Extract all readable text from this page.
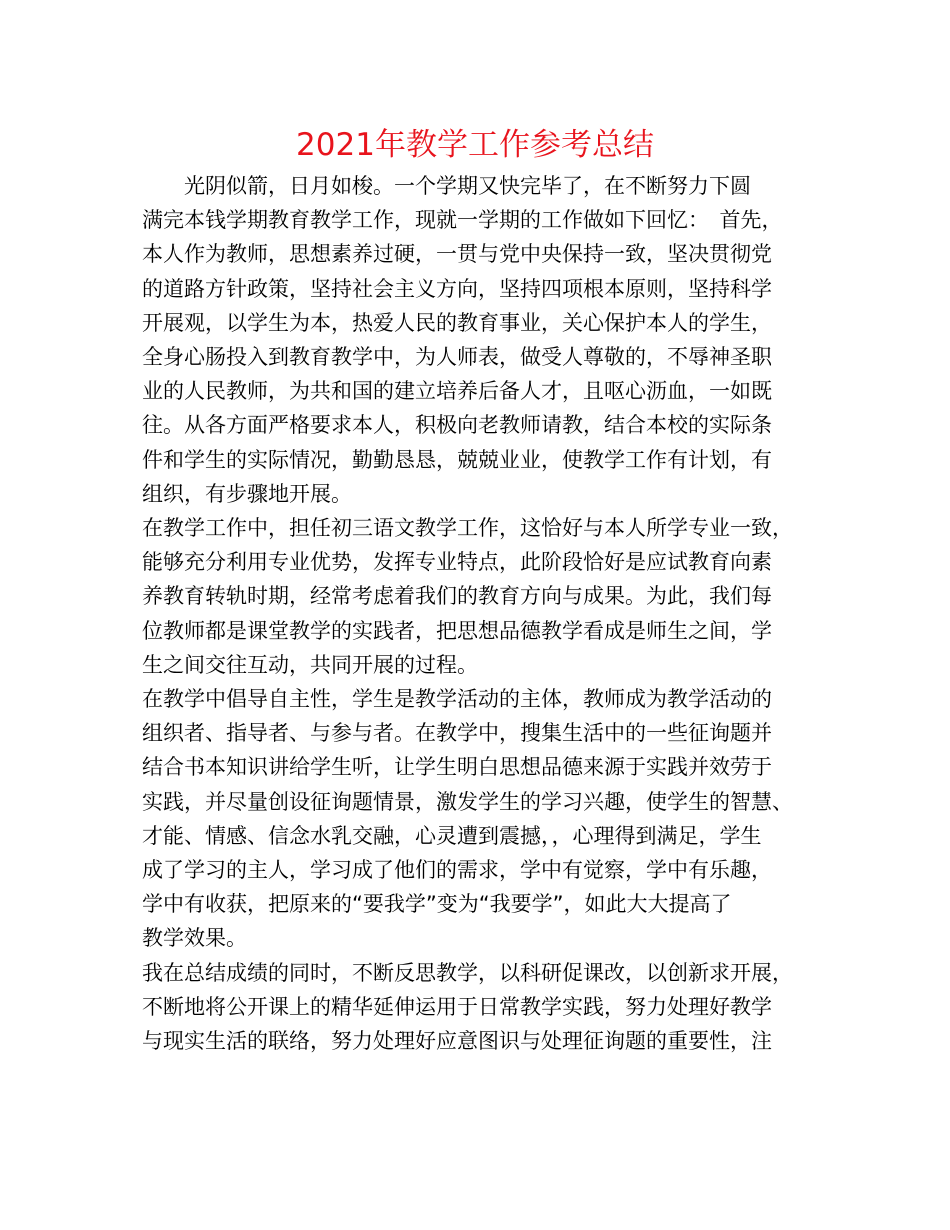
2021年教学工作参考总结

　　光阴似箭，日月如梭。一个学期又快完毕了，在不断努力下圆

满完本钱学期教育教学工作，现就一学期的工作做如下回忆：　首先，

本人作为教师，思想素养过硬，一贯与党中央保持一致，坚决贯彻党

的道路方针政策，坚持社会主义方向，坚持四项根本原则，坚持科学

开展观，以学生为本，热爱人民的教育事业，关心保护本人的学生，

全身心肠投入到教育教学中，为人师表，做受人尊敬的，不辱神圣职

业的人民教师，为共和国的建立培养后备人才，且呕心沥血，一如既

往。从各方面严格要求本人，积极向老教师请教，结合本校的实际条

件和学生的实际情况，勤勤恳恳，兢兢业业，使教学工作有计划，有

组织，有步骤地开展。

在教学工作中，担任初三语文教学工作，这恰好与本人所学专业一致，

能够充分利用专业优势，发挥专业特点，此阶段恰好是应试教育向素

养教育转轨时期，经常考虑着我们的教育方向与成果。为此，我们每

位教师都是课堂教学的实践者，把思想品德教学看成是师生之间，学

生之间交往互动，共同开展的过程。

在教学中倡导自主性，学生是教学活动的主体，教师成为教学活动的

组织者、指导者、与参与者。在教学中，搜集生活中的一些征询题并

结合书本知识讲给学生听，让学生明白思想品德来源于实践并效劳于

实践，并尽量创设征询题情景，激发学生的学习兴趣，使学生的智慧、

才能、情感、信念水乳交融，心灵遭到震撼，，心理得到满足，学生

成了学习的主人，学习成了他们的需求，学中有觉察，学中有乐趣，

学中有收获，把原来的“要我学”变为“我要学”，如此大大提高了

教学效果。

我在总结成绩的同时，不断反思教学，以科研促课改，以创新求开展，

不断地将公开课上的精华延伸运用于日常教学实践，努力处理好教学

与现实生活的联络，努力处理好应意图识与处理征询题的重要性，注
